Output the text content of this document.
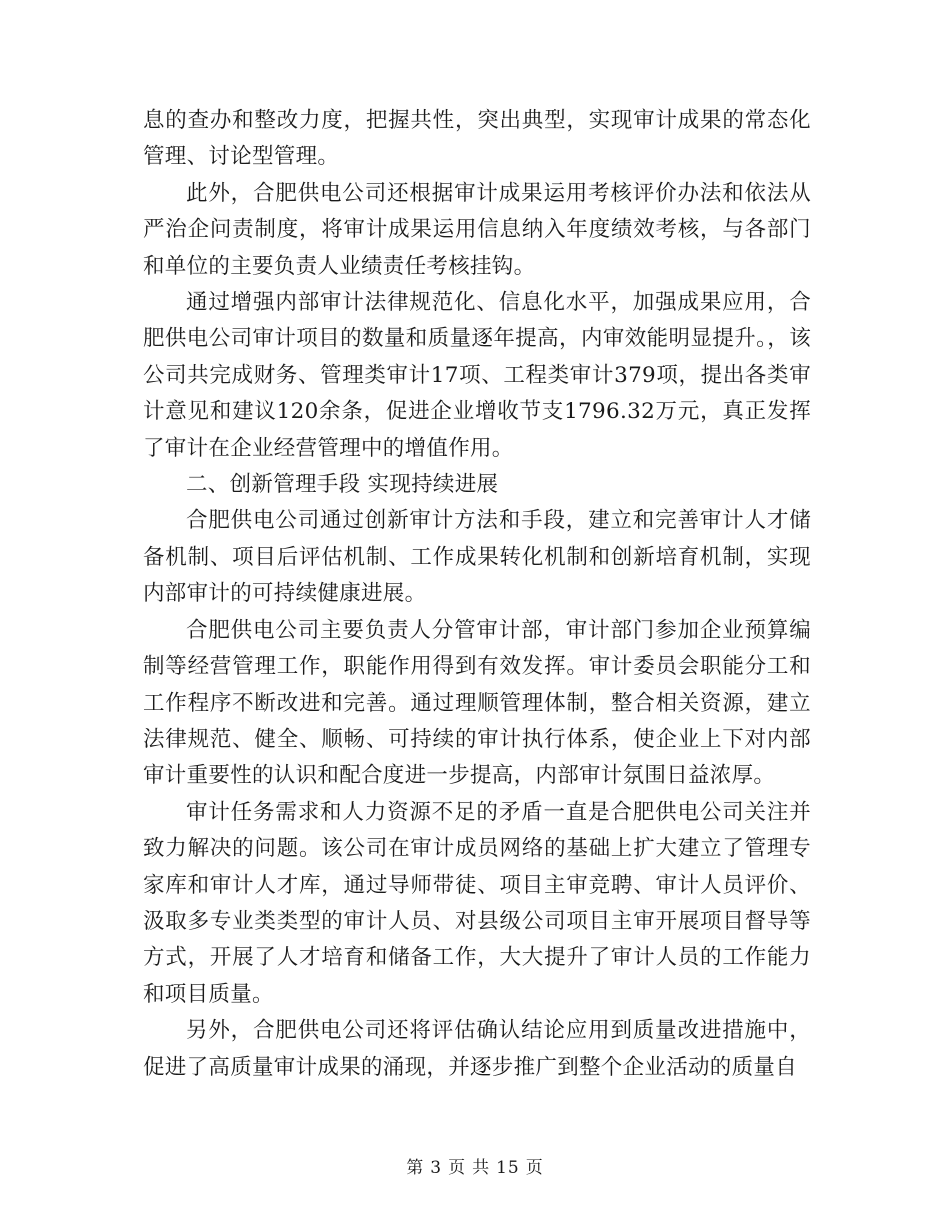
息的查办和整改力度，把握共性，突出典型，实现审计成果的常态化管理、讨论型管理。

此外，合肥供电公司还根据审计成果运用考核评价办法和依法从严治企问责制度，将审计成果运用信息纳入年度绩效考核，与各部门和单位的主要负责人业绩责任考核挂钩。

通过增强内部审计法律规范化、信息化水平，加强成果应用，合肥供电公司审计项目的数量和质量逐年提高，内审效能明显提升。，该公司共完成财务、管理类审计17项、工程类审计379项，提出各类审计意见和建议120余条，促进企业增收节支1796.32万元，真正发挥了审计在企业经营管理中的增值作用。

二、创新管理手段 实现持续进展

合肥供电公司通过创新审计方法和手段，建立和完善审计人才储备机制、项目后评估机制、工作成果转化机制和创新培育机制，实现内部审计的可持续健康进展。

合肥供电公司主要负责人分管审计部，审计部门参加企业预算编制等经营管理工作，职能作用得到有效发挥。审计委员会职能分工和工作程序不断改进和完善。通过理顺管理体制，整合相关资源，建立法律规范、健全、顺畅、可持续的审计执行体系，使企业上下对内部审计重要性的认识和配合度进一步提高，内部审计氛围日益浓厚。

审计任务需求和人力资源不足的矛盾一直是合肥供电公司关注并致力解决的问题。该公司在审计成员网络的基础上扩大建立了管理专家库和审计人才库，通过导师带徒、项目主审竞聘、审计人员评价、汲取多专业类类型的审计人员、对县级公司项目主审开展项目督导等方式，开展了人才培育和储备工作，大大提升了审计人员的工作能力和项目质量。

另外，合肥供电公司还将评估确认结论应用到质量改进措施中，促进了高质量审计成果的涌现，并逐步推广到整个企业活动的质量自

第 3 页 共 15 页
